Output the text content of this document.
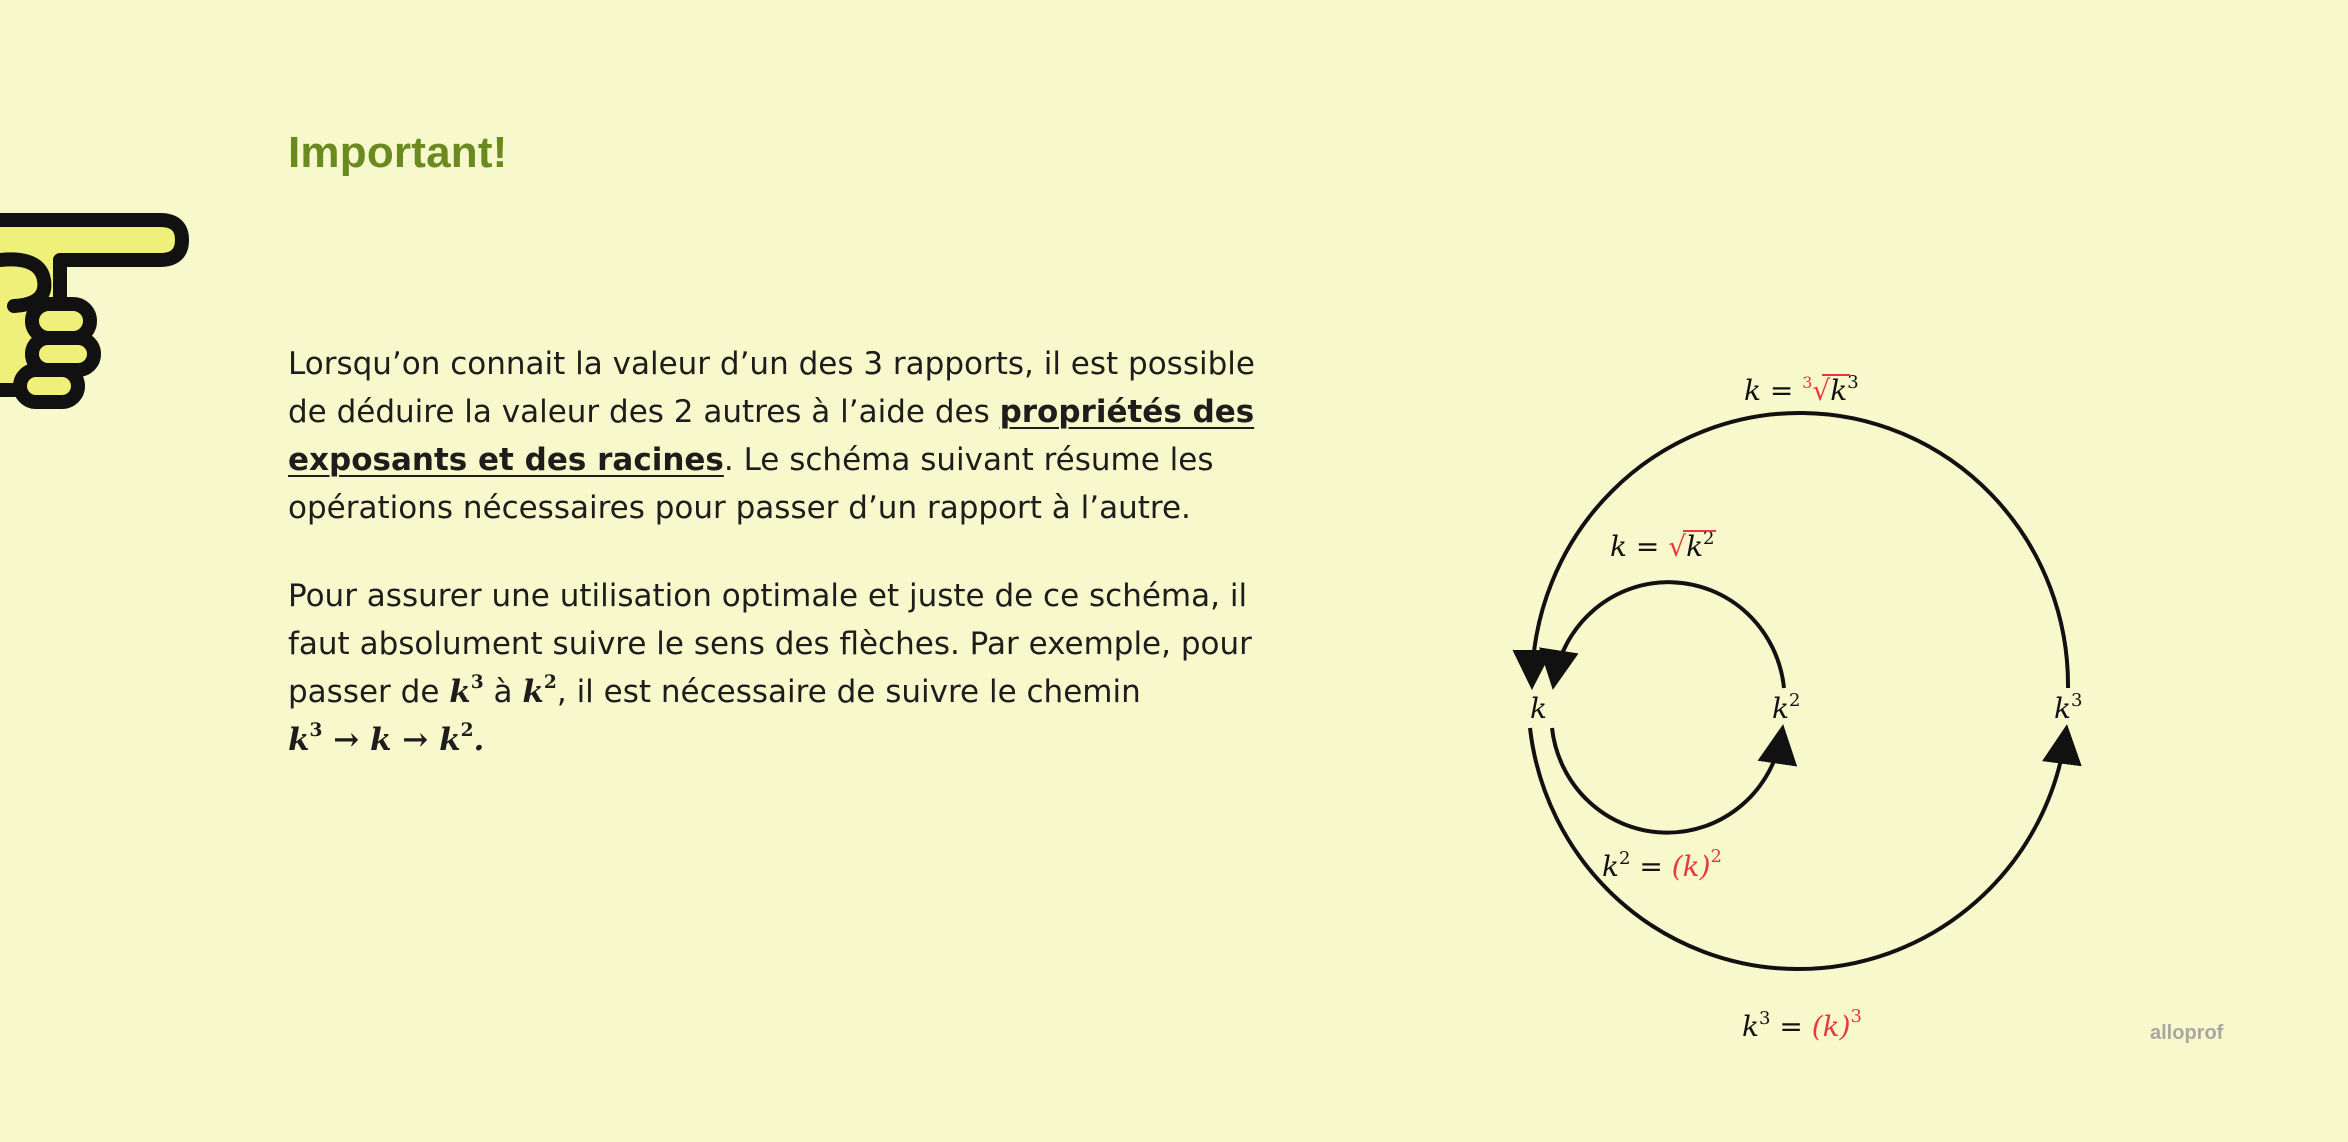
Important!

Lorsqu’on connait la valeur d’un des 3 rapports, il est possible de déduire la valeur des 2 autres à l’aide des propriétés des exposants et des racines. Le schéma suivant résume les opérations nécessaires pour passer d’un rapport à l’autre.

Pour assurer une utilisation optimale et juste de ce schéma, il faut absolument suivre le sens des flèches. Par exemple, pour passer de $k^3$ à $k^2$, il est nécessaire de suivre le chemin
$k^3 \to k \to k^2$.

k	$k^2$	$k^3$
$k = ^3√k^3$
$k = √k^2$
$k^2 = (k)^2$
$k^3 = (k)^3$
alloprof
